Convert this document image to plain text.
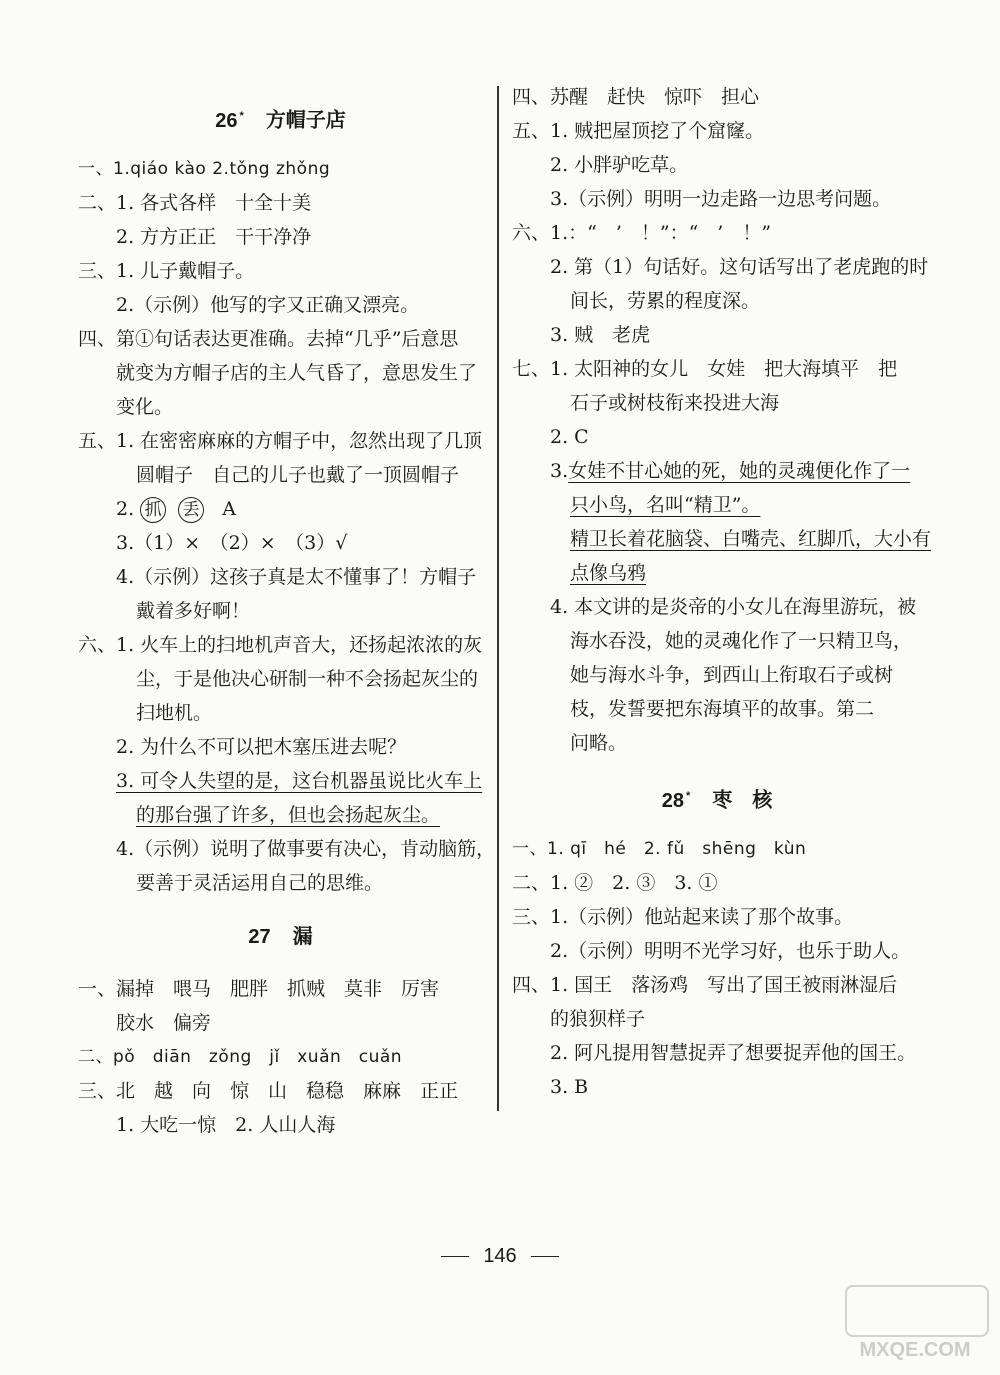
26 * 方帽子店
一、1.qiáo kào 2.tǒng zhǒng
二、1. 各式各样　十全十美
2. 方方正正　干干净净
三、1. 儿子戴帽子。
2.（示例）他写的字又正确又漂亮。
四、第①句话表达更准确。去掉“几乎”后意思
就变为方帽子店的主人气昏了，意思发生了
变化。
五、1. 在密密麻麻的方帽子中，忽然出现了几顶
圆帽子　自己的儿子也戴了一顶圆帽子
2. 抓 丢 A
3.（1）×　（2）×　（3）√
4.（示例）这孩子真是太不懂事了！方帽子
戴着多好啊！
六、1. 火车上的扫地机声音大，还扬起浓浓的灰
尘，于是他决心研制一种不会扬起灰尘的
扫地机。
2. 为什么不可以把木塞压进去呢？
3. 可令人失望的是，这台机器虽说比火车上
的那台强了许多，但也会扬起灰尘。
4.（示例）说明了做事要有决心，肯动脑筋，
要善于灵活运用自己的思维。
27 漏
一、漏掉　喂马　肥胖　抓贼　莫非　厉害
胶水　偏旁
二、pǒ　diān　zǒng　jǐ　xuǎn　cuǎn
三、北　越　向　惊　山　稳稳　麻麻　正正
1. 大吃一惊　2. 人山人海
四、苏醒　赶快　惊吓　担心
五、1. 贼把屋顶挖了个窟窿。
2. 小胖驴吃草。
3.（示例）明明一边走路一边思考问题。
六、1.：“　’　！”：“　’　！”
2. 第（1）句话好。这句话写出了老虎跑的时
间长，劳累的程度深。
3. 贼　老虎
七、1. 太阳神的女儿　女娃　把大海填平　把
石子或树枝衔来投进大海
2. C
3.女娃不甘心她的死，她的灵魂便化作了一
只小鸟，名叫“精卫”。
精卫长着花脑袋、白嘴壳、红脚爪，大小有
点像乌鸦
4. 本文讲的是炎帝的小女儿在海里游玩，被
海水吞没，她的灵魂化作了一只精卫鸟，
她与海水斗争，到西山上衔取石子或树
枝，发誓要把东海填平的故事。第二
问略。
28 * 枣　核
一、1. qī　hé　2. fǔ　shēng　kùn
二、1. ②　2. ③　3. ①
三、1.（示例）他站起来读了那个故事。
2.（示例）明明不光学习好，也乐于助人。
四、1. 国王　落汤鸡　写出了国王被雨淋湿后
的狼狈样子
2. 阿凡提用智慧捉弄了想要捉弄他的国王。
3. B
146
MXQE.COM
